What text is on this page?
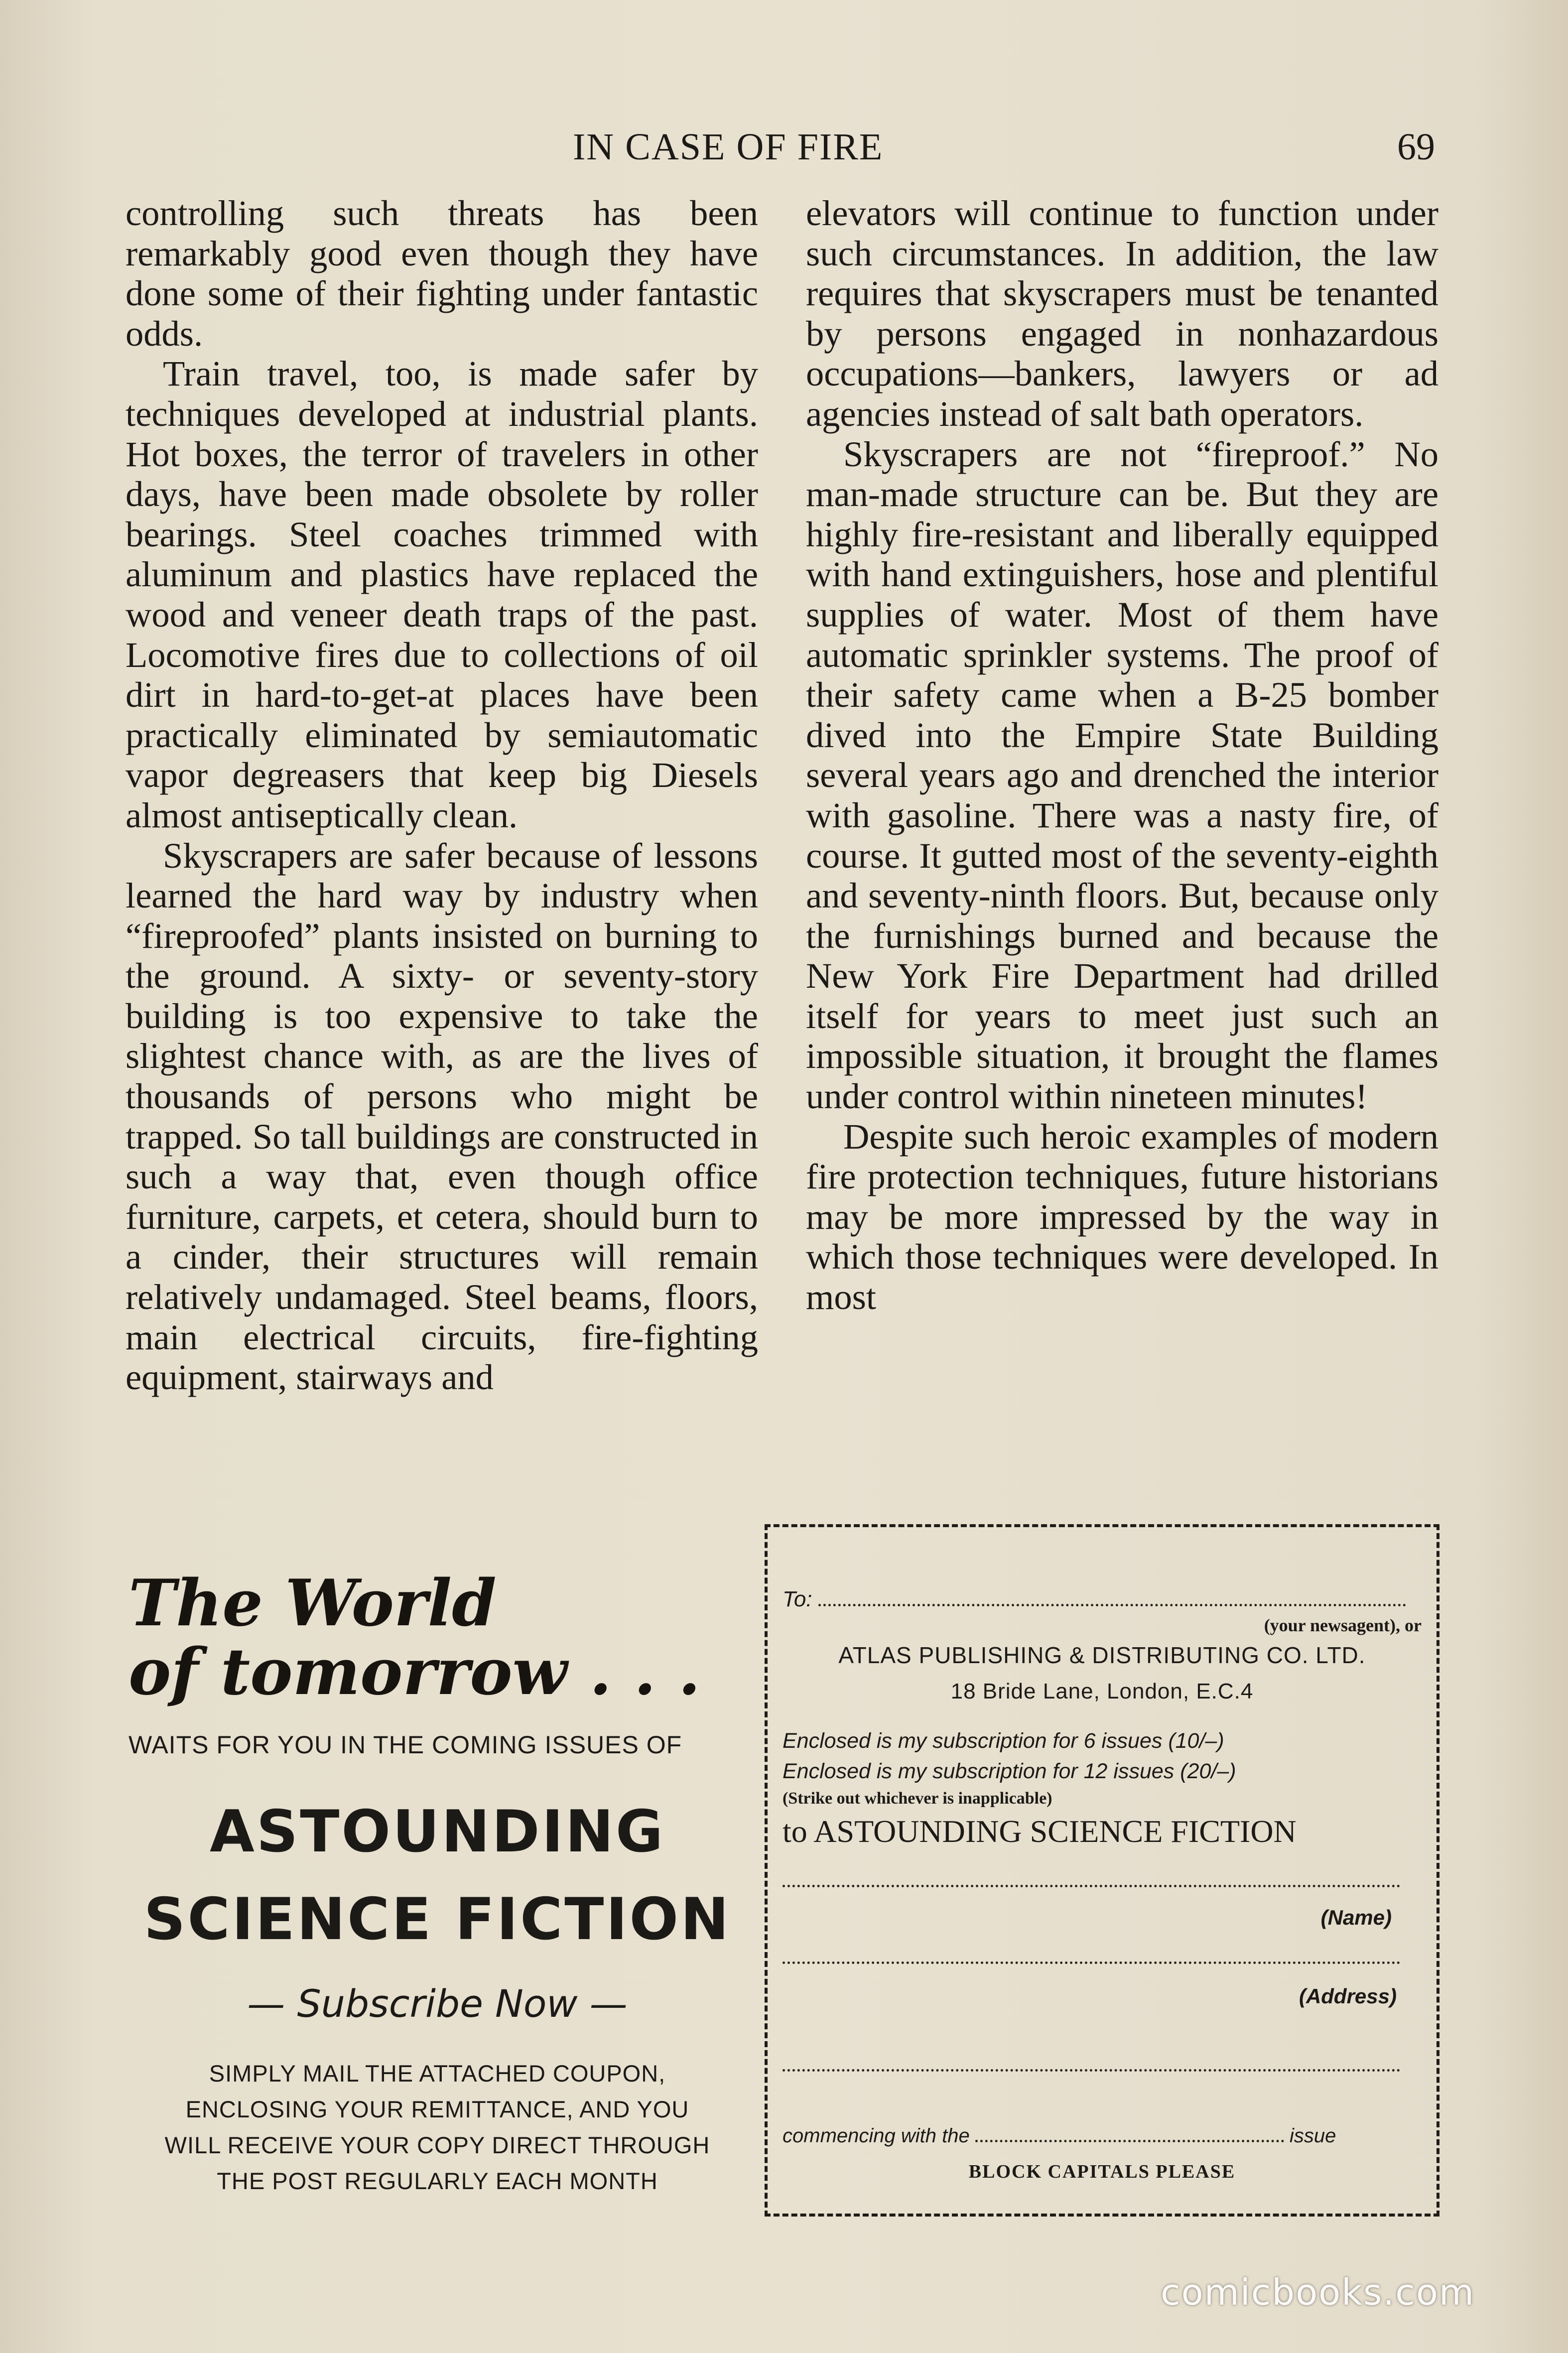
IN CASE OF FIRE	69

controlling such threats has been remarkably good even though they have done some of their fighting under fantastic odds.

Train travel, too, is made safer by techniques developed at industrial plants. Hot boxes, the terror of travelers in other days, have been made obsolete by roller bearings. Steel coaches trimmed with aluminum and plastics have replaced the wood and veneer death traps of the past. Locomotive fires due to collections of oil dirt in hard-to-get-at places have been practically eliminated by semiautomatic vapor degreasers that keep big Diesels almost antiseptically clean.

Skyscrapers are safer because of lessons learned the hard way by industry when “fireproofed” plants insisted on burning to the ground. A sixty- or seventy-story building is too expensive to take the slightest chance with, as are the lives of thousands of persons who might be trapped. So tall buildings are constructed in such a way that, even though office furniture, carpets, et cetera, should burn to a cinder, their structures will remain relatively undamaged. Steel beams, floors, main electrical circuits, fire-fighting equipment, stairways and

elevators will continue to function under such circumstances. In addition, the law requires that skyscrapers must be tenanted by persons engaged in nonhazardous occupations—bankers, lawyers or ad agencies instead of salt bath operators.

Skyscrapers are not “fireproof.” No man-made structure can be. But they are highly fire-resistant and liberally equipped with hand extinguishers, hose and plentiful supplies of water. Most of them have automatic sprinkler systems. The proof of their safety came when a B-25 bomber dived into the Empire State Building several years ago and drenched the interior with gasoline. There was a nasty fire, of course. It gutted most of the seventy-eighth and seventy-ninth floors. But, because only the furnishings burned and because the New York Fire Department had drilled itself for years to meet just such an impossible situation, it brought the flames under control within nineteen minutes!

Despite such heroic examples of modern fire protection techniques, future historians may be more impressed by the way in which those techniques were developed. In most

The World
of tomorrow . . .
WAITS FOR YOU IN THE COMING ISSUES OF
ASTOUNDING
SCIENCE FICTION
— Subscribe Now —
SIMPLY MAIL THE ATTACHED COUPON,
ENCLOSING YOUR REMITTANCE, AND YOU
WILL RECEIVE YOUR COPY DIRECT THROUGH
THE POST REGULARLY EACH MONTH
To:
(your newsagent), or
ATLAS PUBLISHING & DISTRIBUTING CO. LTD.
18 Bride Lane, London, E.C.4
Enclosed is my subscription for 6 issues (10/–)
Enclosed is my subscription for 12 issues (20/–)
(Strike out whichever is inapplicable)
to ASTOUNDING SCIENCE FICTION
(Name)
(Address)
commencing with the	issue
BLOCK CAPITALS PLEASE
comicbooks.com
